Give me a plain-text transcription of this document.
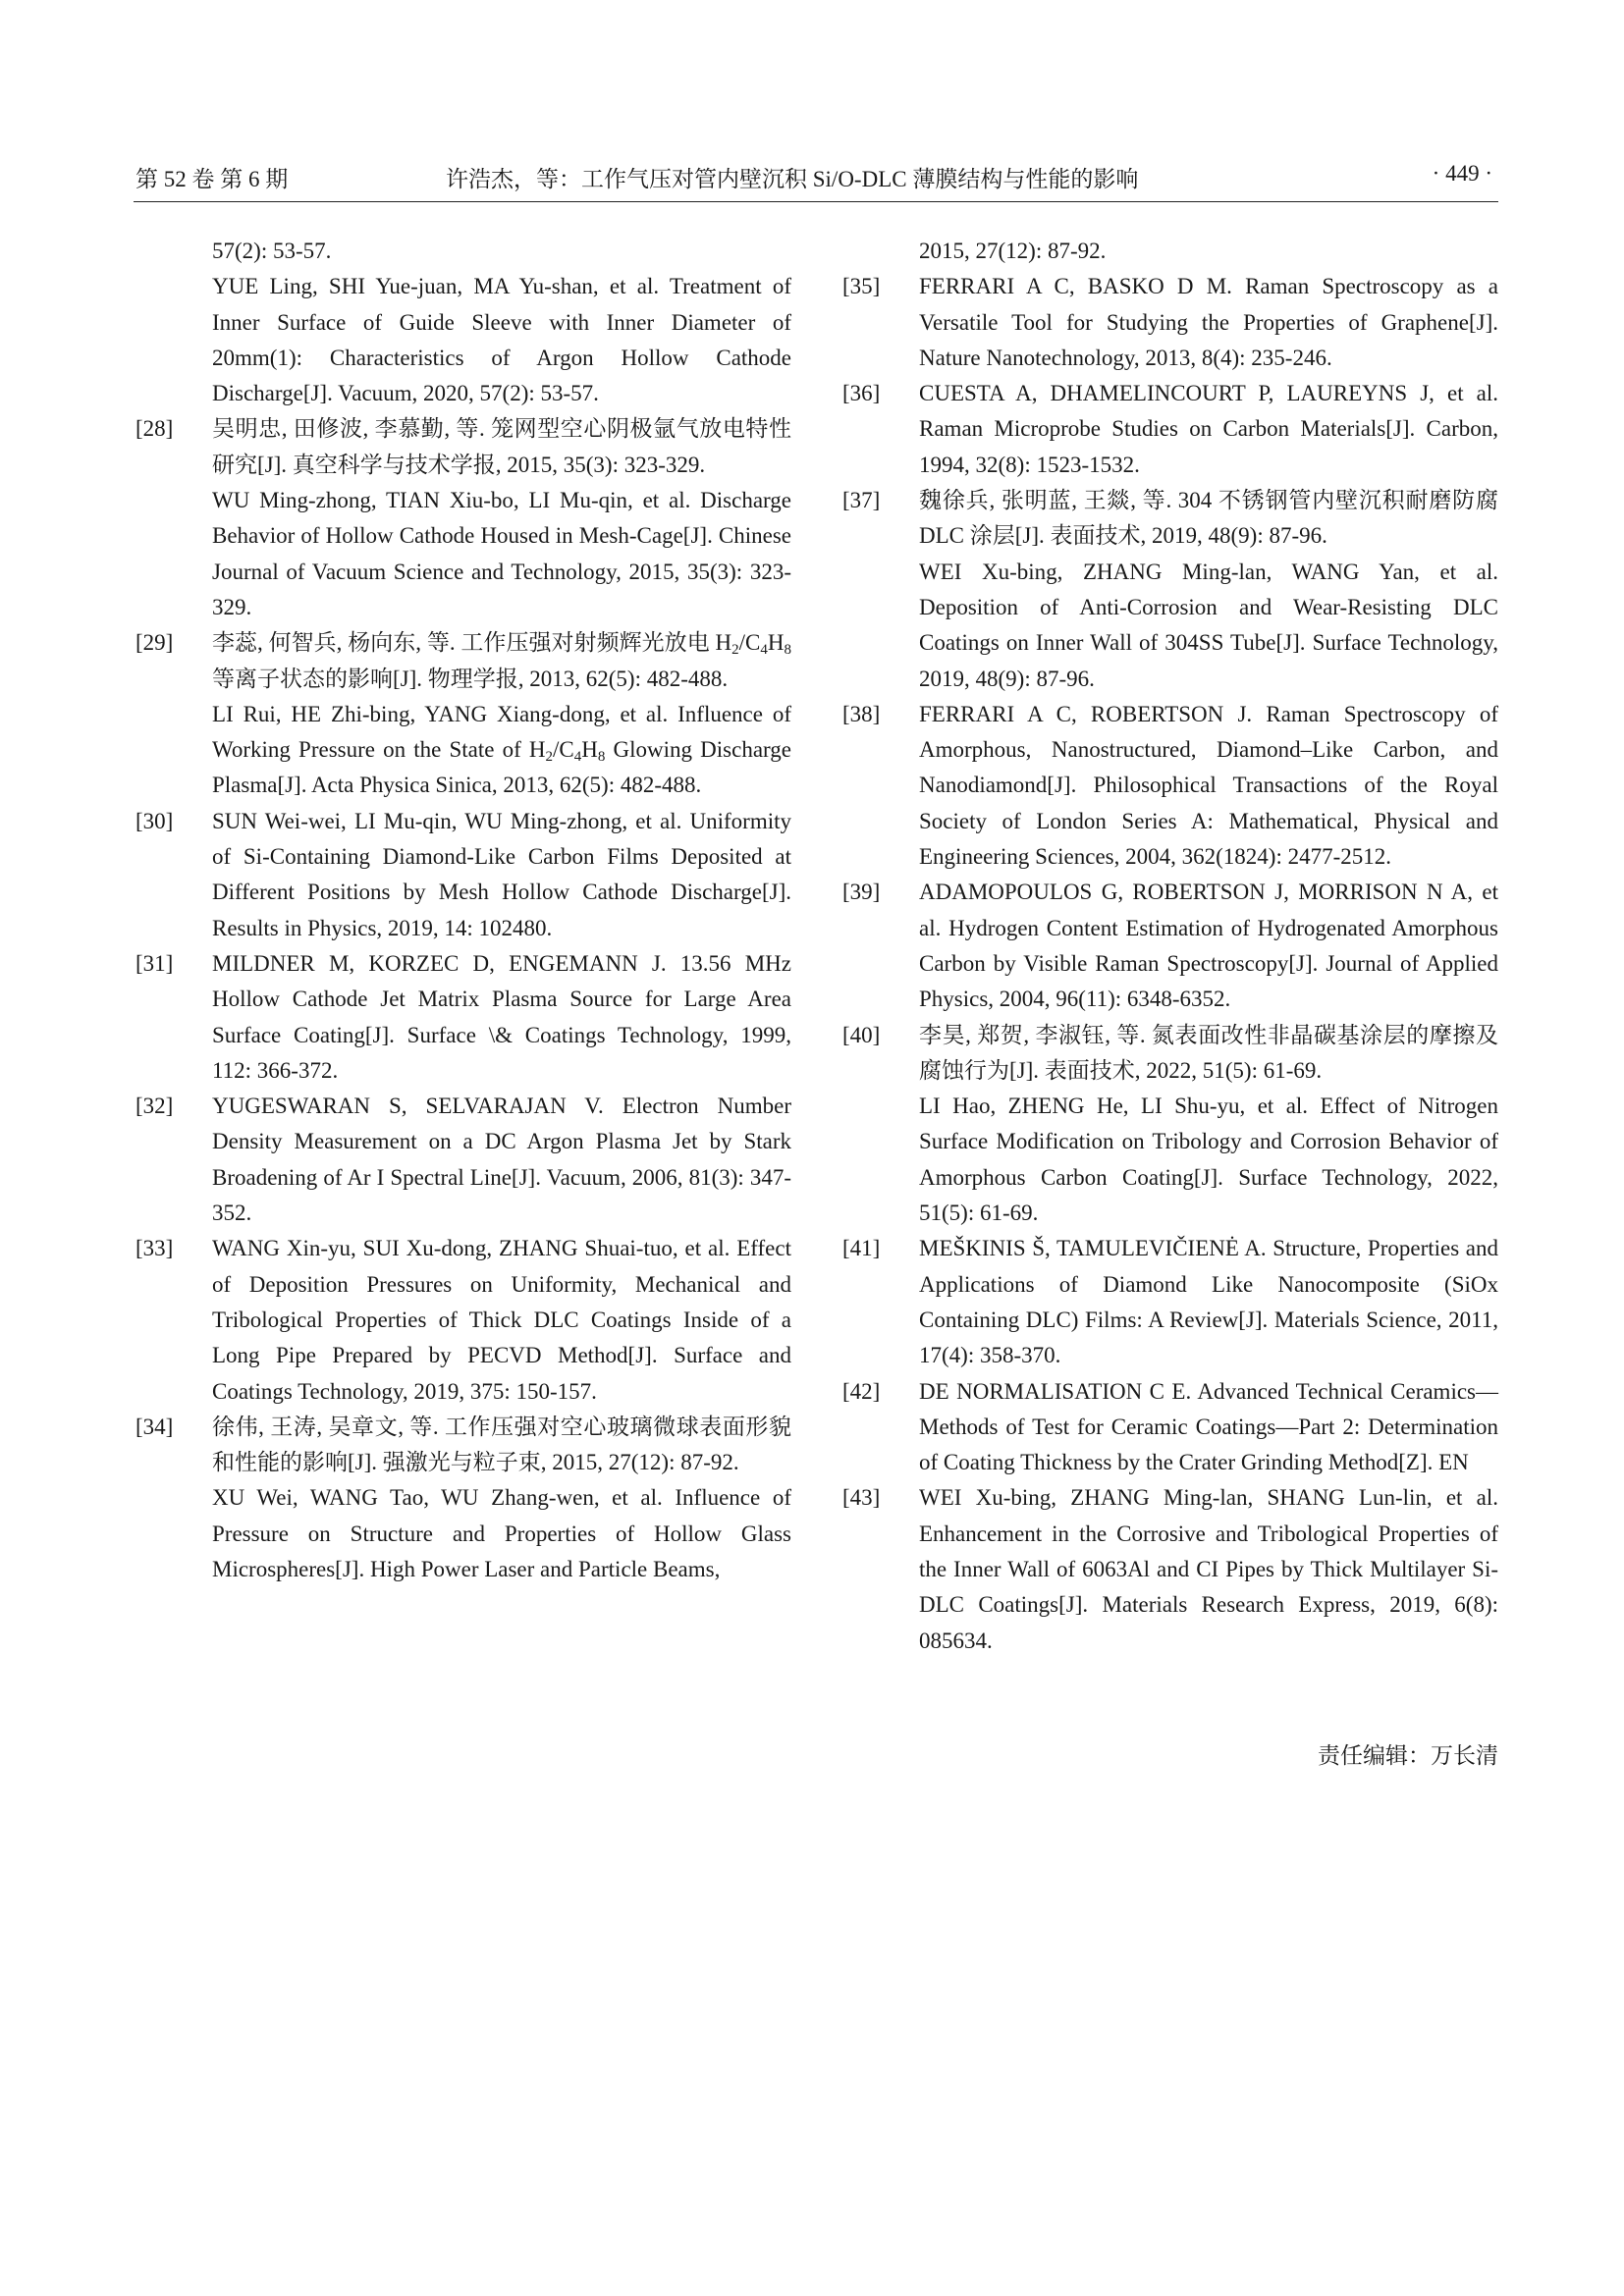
第 52 卷 第 6 期	许浩杰，等：工作气压对管内壁沉积 Si/O-DLC 薄膜结构与性能的影响	· 449 ·
57(2): 53-57.
YUE Ling, SHI Yue-juan, MA Yu-shan, et al. Treatment of Inner Surface of Guide Sleeve with Inner Diameter of 20mm(1): Characteristics of Argon Hollow Cathode Discharge[J]. Vacuum, 2020, 57(2): 53-57.
[28] 吴明忠, 田修波, 李慕勤, 等. 笼网型空心阴极氩气放电特性研究[J]. 真空科学与技术学报, 2015, 35(3): 323-329.
WU Ming-zhong, TIAN Xiu-bo, LI Mu-qin, et al. Discharge Behavior of Hollow Cathode Housed in Mesh-Cage[J]. Chinese Journal of Vacuum Science and Technology, 2015, 35(3): 323-329.
[29] 李蕊, 何智兵, 杨向东, 等. 工作压强对射频辉光放电 $H_2/C_4H_8$ 等离子状态的影响[J]. 物理学报, 2013, 62(5): 482-488.
LI Rui, HE Zhi-bing, YANG Xiang-dong, et al. Influence of Working Pressure on the State of $H_2/C_4H_8$ Glowing Discharge Plasma[J]. Acta Physica Sinica, 2013, 62(5): 482-488.
[30] SUN Wei-wei, LI Mu-qin, WU Ming-zhong, et al. Uniformity of Si-Containing Diamond-Like Carbon Films Deposited at Different Positions by Mesh Hollow Cathode Discharge[J]. Results in Physics, 2019, 14: 102480.
[31] MILDNER M, KORZEC D, ENGEMANN J. 13.56 MHz Hollow Cathode Jet Matrix Plasma Source for Large Area Surface Coating[J]. Surface \& Coatings Technology, 1999, 112: 366-372.
[32] YUGESWARAN S, SELVARAJAN V. Electron Number Density Measurement on a DC Argon Plasma Jet by Stark Broadening of Ar I Spectral Line[J]. Vacuum, 2006, 81(3): 347-352.
[33] WANG Xin-yu, SUI Xu-dong, ZHANG Shuai-tuo, et al. Effect of Deposition Pressures on Uniformity, Mechanical and Tribological Properties of Thick DLC Coatings Inside of a Long Pipe Prepared by PECVD Method[J]. Surface and Coatings Technology, 2019, 375: 150-157.
[34] 徐伟, 王涛, 吴章文, 等. 工作压强对空心玻璃微球表面形貌和性能的影响[J]. 强激光与粒子束, 2015, 27(12): 87-92.
XU Wei, WANG Tao, WU Zhang-wen, et al. Influence of Pressure on Structure and Properties of Hollow Glass Microspheres[J]. High Power Laser and Particle Beams,
2015, 27(12): 87-92.
[35] FERRARI A C, BASKO D M. Raman Spectroscopy as a Versatile Tool for Studying the Properties of Graphene[J]. Nature Nanotechnology, 2013, 8(4): 235-246.
[36] CUESTA A, DHAMELINCOURT P, LAUREYNS J, et al. Raman Microprobe Studies on Carbon Materials[J]. Carbon, 1994, 32(8): 1523-1532.
[37] 魏徐兵, 张明蓝, 王燚, 等. 304 不锈钢管内壁沉积耐磨防腐 DLC 涂层[J]. 表面技术, 2019, 48(9): 87-96.
WEI Xu-bing, ZHANG Ming-lan, WANG Yan, et al. Deposition of Anti-Corrosion and Wear-Resisting DLC Coatings on Inner Wall of 304SS Tube[J]. Surface Technology, 2019, 48(9): 87-96.
[38] FERRARI A C, ROBERTSON J. Raman Spectroscopy of Amorphous, Nanostructured, Diamond–Like Carbon, and Nanodiamond[J]. Philosophical Transactions of the Royal Society of London Series A: Mathematical, Physical and Engineering Sciences, 2004, 362(1824): 2477-2512.
[39] ADAMOPOULOS G, ROBERTSON J, MORRISON N A, et al. Hydrogen Content Estimation of Hydrogenated Amorphous Carbon by Visible Raman Spectroscopy[J]. Journal of Applied Physics, 2004, 96(11): 6348-6352.
[40] 李昊, 郑贺, 李淑钰, 等. 氮表面改性非晶碳基涂层的摩擦及腐蚀行为[J]. 表面技术, 2022, 51(5): 61-69.
LI Hao, ZHENG He, LI Shu-yu, et al. Effect of Nitrogen Surface Modification on Tribology and Corrosion Behavior of Amorphous Carbon Coating[J]. Surface Technology, 2022, 51(5): 61-69.
[41] MEŠKINIS Š, TAMULEVIČIENĖ A. Structure, Properties and Applications of Diamond Like Nanocomposite (SiOx Containing DLC) Films: A Review[J]. Materials Science, 2011, 17(4): 358-370.
[42] DE NORMALISATION C E. Advanced Technical Ceramics—Methods of Test for Ceramic Coatings—Part 2: Determination of Coating Thickness by the Crater Grinding Method[Z]. EN
[43] WEI Xu-bing, ZHANG Ming-lan, SHANG Lun-lin, et al. Enhancement in the Corrosive and Tribological Properties of the Inner Wall of 6063Al and CI Pipes by Thick Multilayer Si-DLC Coatings[J]. Materials Research Express, 2019, 6(8): 085634.
责任编辑：万长清
